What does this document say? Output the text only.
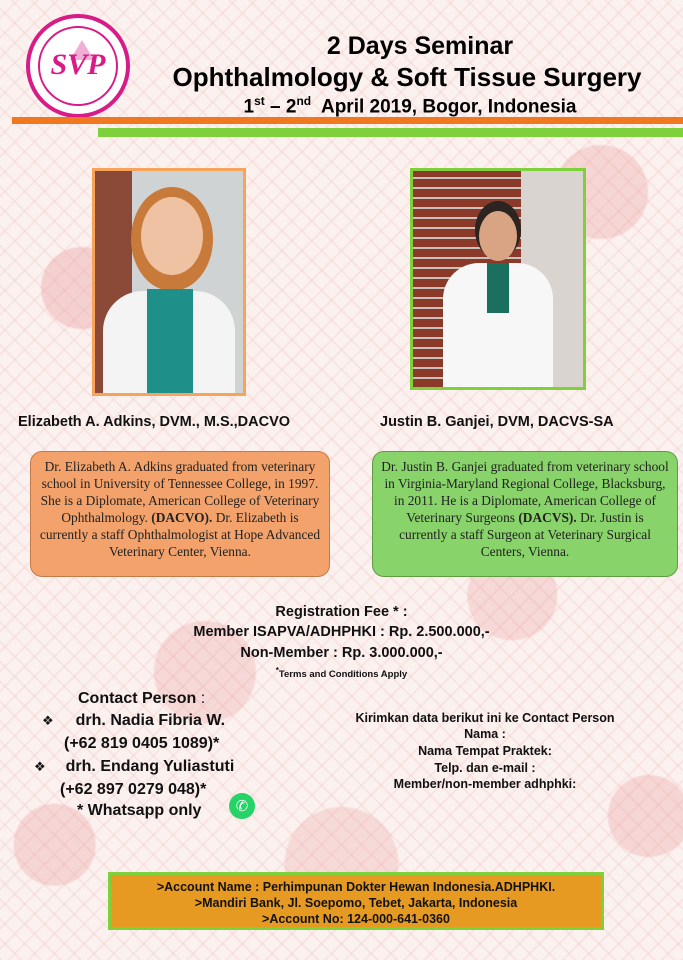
SVP
2 Days Seminar
Ophthalmology & Soft Tissue Surgery
1st – 2nd  April 2019, Bogor, Indonesia
Elizabeth A. Adkins, DVM., M.S.,DACVO	Justin B. Ganjei, DVM, DACVS-SA
Dr. Elizabeth A. Adkins graduated from veterinary school in University of Tennessee College, in 1997. She is a Diplomate, American College of Veterinary Ophthalmology. (DACVO). Dr. Elizabeth is currently a staff Ophthalmologist at Hope Advanced Veterinary Center, Vienna.
Dr. Justin B. Ganjei graduated from veterinary school in Virginia-Maryland Regional College, Blacksburg, in 2011. He is a Diplomate, American College of Veterinary Surgeons (DACVS). Dr. Justin is currently a staff Surgeon at Veterinary Surgical Centers, Vienna.
Registration Fee * :
Member ISAPVA/ADHPHKI : Rp. 2.500.000,-
Non-Member : Rp. 3.000.000,-
*Terms and Conditions Apply
Contact Person :
❖ drh. Nadia Fibria W.
(+62 819 0405 1089)*
❖ drh. Endang Yuliastuti
(+62 897 0279 048)*
* Whatsapp only	✆
Kirimkan data berikut ini ke Contact Person
Nama :
Nama Tempat Praktek:
Telp. dan e-mail :
Member/non-member adhphki:
>Account Name : Perhimpunan Dokter Hewan Indonesia.ADHPHKI.
>Mandiri Bank, Jl. Soepomo, Tebet, Jakarta, Indonesia
>Account No: 124-000-641-0360
